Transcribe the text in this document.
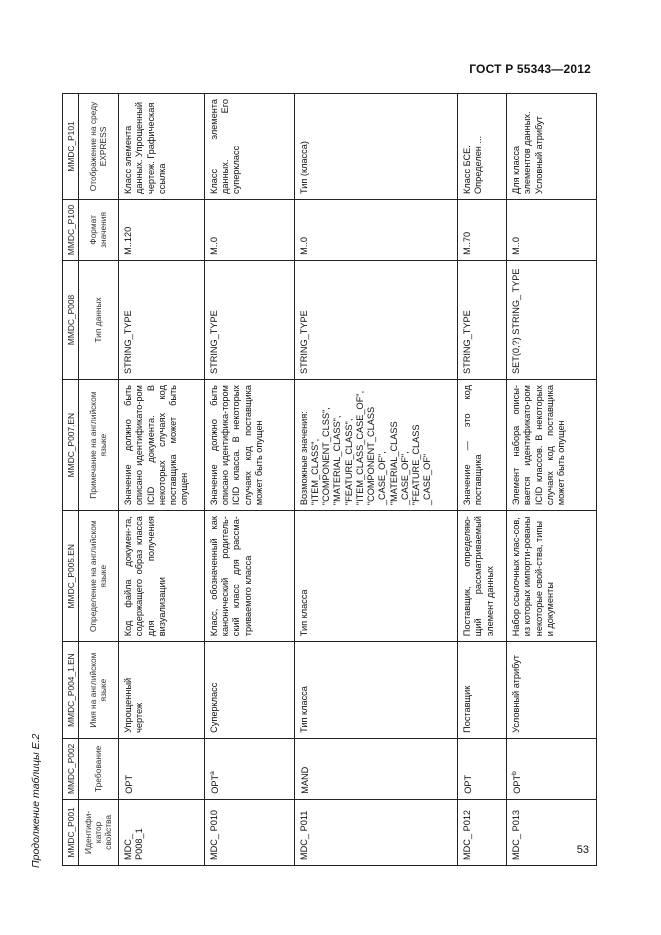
ГОСТ Р 55343—2012
53
Продолжение таблицы Е.2	MMDC_P001	MMDC_P002	MMDC_P004_1.EN	MMDC_P005.EN	MMDC_P007.EN	MMDC_P008	MMDC_P100	MMDC_P101
Идентифи-катор свойства	Требование	Имя на английском языке	Определение на английском языке	Примечание на английском языке	Тип данных	Формат значения	Отображение на среду EXPRESS
MDC_ P008_1	OPT	Упрощенный чертеж	Код файла докумен-та, содержащего образ класса для получения визуализации	Значение должно быть описано идентификато-ром ICID документа. В некоторых случаях код поставщика может быть опущен	STRING_TYPE	M..120	Класс элемента данных. Упрощенный чертеж. Графическая ссылка
MDC_ P010	OPT$^a$	Суперкласс	Класс, обозначенный как канонический родитель-ский класс для рассма-триваемого класса	Значение должно быть описано идентифика-тором ICID класса. В некоторых случаях код поставщика может быть опущен	STRING_TYPE	M..0	Класс элемента данных. Его суперкласс
MDC_ P011	MAND	Тип класса	Тип класса	Возможные значения: "ITEM_CLASS", "COMPONENT_CLSS", "MATERIAL_CLASS", "FEATURE_CLASS", "ITEM_CLASS_CASE_OF", "COMPONENT_CLASS _CASE_OF", "MATERIAL_CLASS _CASE_OF", "FEATURE_CLASS _CASE_OF"	STRING_TYPE	M..0	Тип (класса)
MDC_ P012	OPT	Поставщик	Поставщик, определяю-щий рассматриваемый элемент данных	Значение — это код поставщика	STRING_TYPE	M..70	Класс БСЕ. Определен ...
MDC_ P013	OPT$^b$	Условный атрибут	Набор ссылочных клас-сов, из которых импорти-рованы некоторые свой-ства, типы и документы	Элемент набора описы-вается идентификато-ром ICID классов. В некоторых случаях код поставщика может быть опущен	SET(0,?) STRING_ TYPE	M..0	Для класса элементов данных. Условный атрибут
